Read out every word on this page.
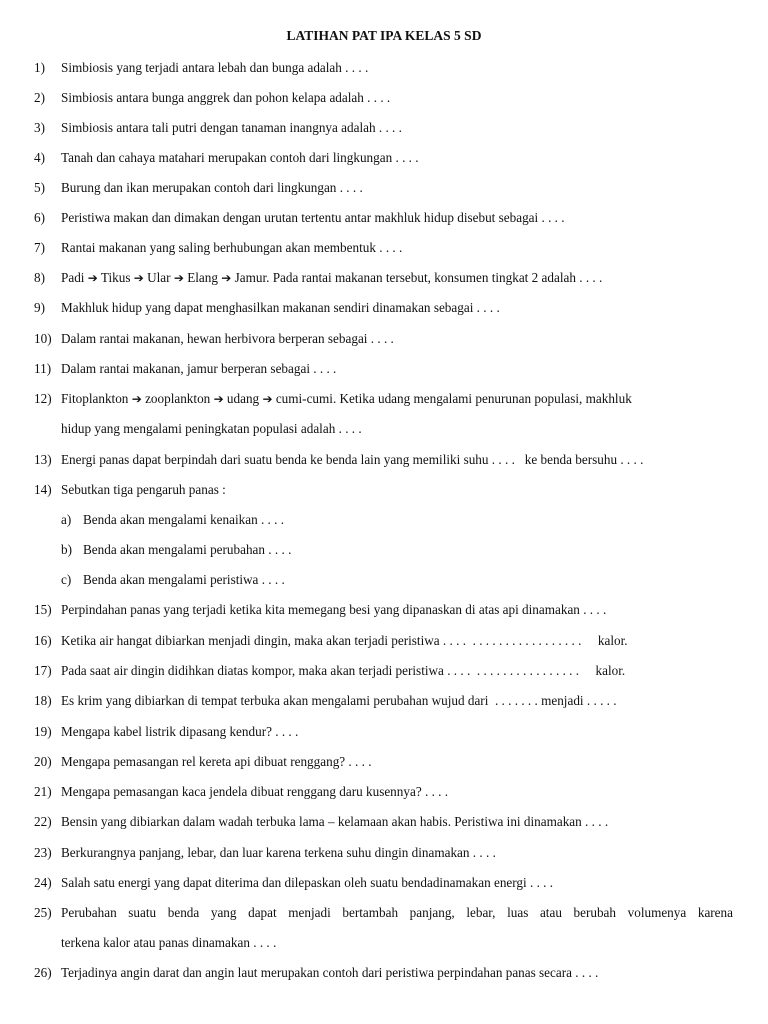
LATIHAN PAT IPA KELAS 5 SD
1) Simbiosis yang terjadi antara lebah dan bunga adalah . . . .
2) Simbiosis antara bunga anggrek dan pohon kelapa adalah . . . .
3) Simbiosis antara tali putri dengan tanaman inangnya adalah . . . .
4) Tanah dan cahaya matahari merupakan contoh dari lingkungan . . . .
5) Burung dan ikan merupakan contoh dari lingkungan . . . .
6) Peristiwa makan dan dimakan dengan urutan tertentu antar makhluk hidup disebut sebagai . . . .
7) Rantai makanan yang saling berhubungan akan membentuk . . . .
8) Padi ➔ Tikus ➔ Ular ➔ Elang ➔ Jamur. Pada rantai makanan tersebut, konsumen tingkat 2 adalah . . . .
9) Makhluk hidup yang dapat menghasilkan makanan sendiri dinamakan sebagai . . . .
10) Dalam rantai makanan, hewan herbivora berperan sebagai . . . .
11) Dalam rantai makanan, jamur berperan sebagai . . . .
12) Fitoplankton ➔ zooplankton ➔ udang ➔ cumi-cumi. Ketika udang mengalami penurunan populasi, makhluk
hidup yang mengalami peningkatan populasi adalah . . . .
13) Energi panas dapat berpindah dari suatu benda ke benda lain yang memiliki suhu . . . .   ke benda bersuhu . . . .
14) Sebutkan tiga pengaruh panas :
a) Benda akan mengalami kenaikan . . . .
b) Benda akan mengalami perubahan . . . .
c) Benda akan mengalami peristiwa . . . .
15) Perpindahan panas yang terjadi ketika kita memegang besi yang dipanaskan di atas api dinamakan . . . .
16) Ketika air hangat dibiarkan menjadi dingin, maka akan terjadi peristiwa . . . .  . . . . . . . . . . . . . . . . .     kalor.
17) Pada saat air dingin didihkan diatas kompor, maka akan terjadi peristiwa . . . .  . . . . . . . . . . . . . . . .     kalor.
18) Es krim yang dibiarkan di tempat terbuka akan mengalami perubahan wujud dari  . . . . . . . menjadi . . . . .
19) Mengapa kabel listrik dipasang kendur? . . . .
20) Mengapa pemasangan rel kereta api dibuat renggang? . . . .
21) Mengapa pemasangan kaca jendela dibuat renggang daru kusennya? . . . .
22) Bensin yang dibiarkan dalam wadah terbuka lama – kelamaan akan habis. Peristiwa ini dinamakan . . . .
23) Berkurangnya panjang, lebar, dan luar karena terkena suhu dingin dinamakan . . . .
24) Salah satu energi yang dapat diterima dan dilepaskan oleh suatu bendadinamakan energi . . . .
25) Perubahan suatu benda yang dapat menjadi bertambah panjang, lebar, luas atau berubah volumenya karena
terkena kalor atau panas dinamakan . . . .
26) Terjadinya angin darat dan angin laut merupakan contoh dari peristiwa perpindahan panas secara . . . .
